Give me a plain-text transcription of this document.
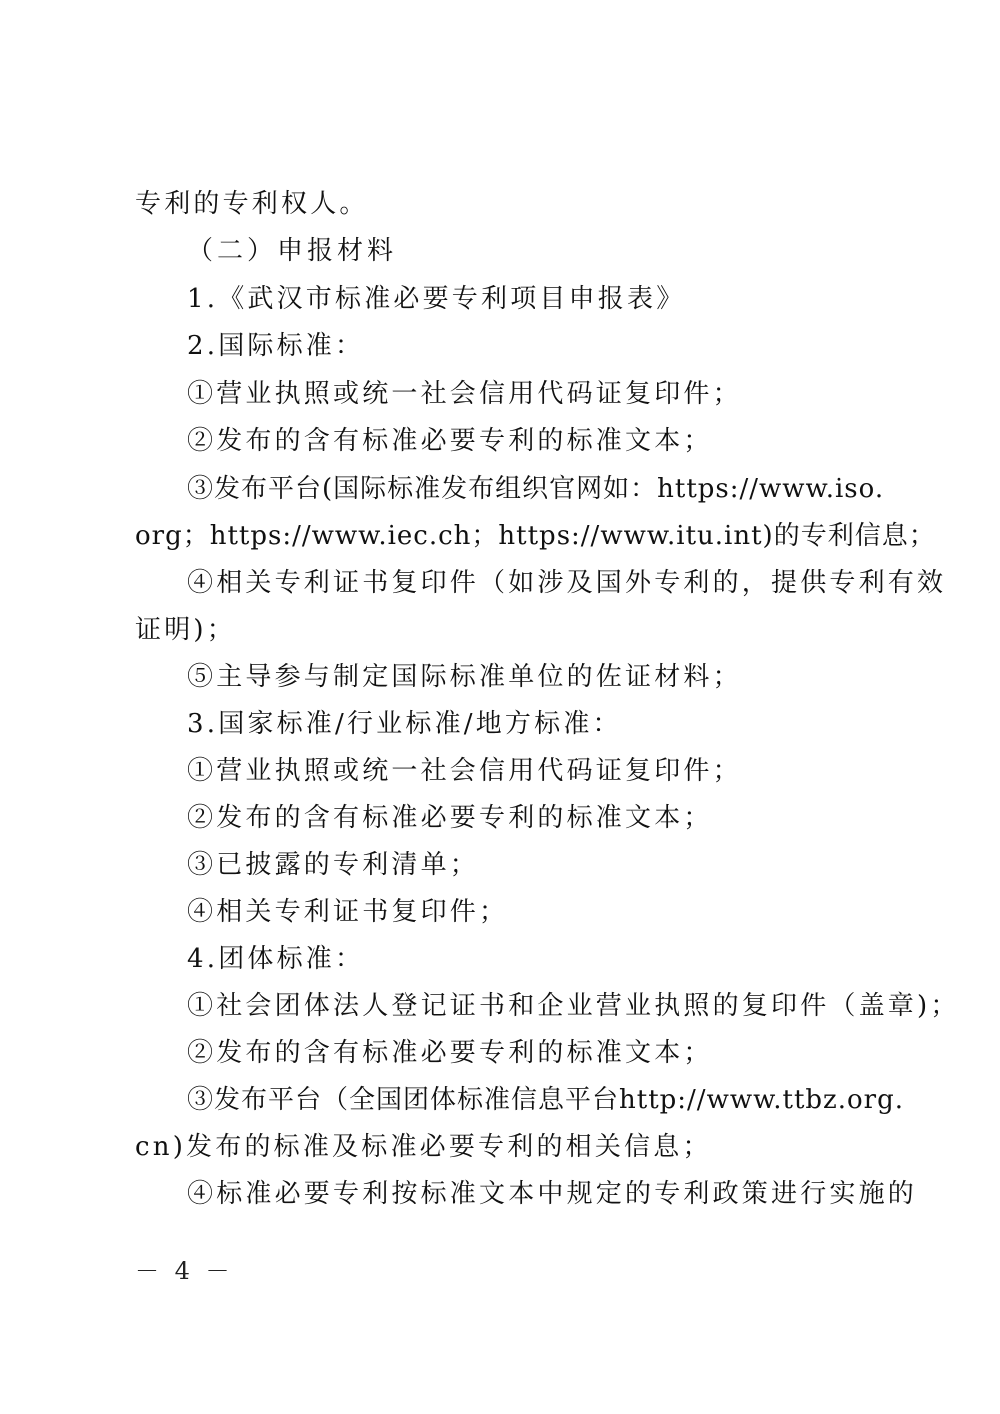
专利的专利权人。
（二）申报材料
1.《武汉市标准必要专利项目申报表》
2.国际标准：
①营业执照或统一社会信用代码证复印件；
②发布的含有标准必要专利的标准文本；
③发布平台(国际标准发布组织官网如：https://www.iso.
org；https://www.iec.ch；https://www.itu.int)的专利信息；
④相关专利证书复印件（如涉及国外专利的，提供专利有效
证明)；
⑤主导参与制定国际标准单位的佐证材料；
3.国家标准/行业标准/地方标准：
①营业执照或统一社会信用代码证复印件；
②发布的含有标准必要专利的标准文本；
③已披露的专利清单；
④相关专利证书复印件；
4.团体标准：
①社会团体法人登记证书和企业营业执照的复印件（盖章)；
②发布的含有标准必要专利的标准文本；
③发布平台（全国团体标准信息平台http://www.ttbz.org.
cn)发布的标准及标准必要专利的相关信息；
④标准必要专利按标准文本中规定的专利政策进行实施的
－ 4 －
